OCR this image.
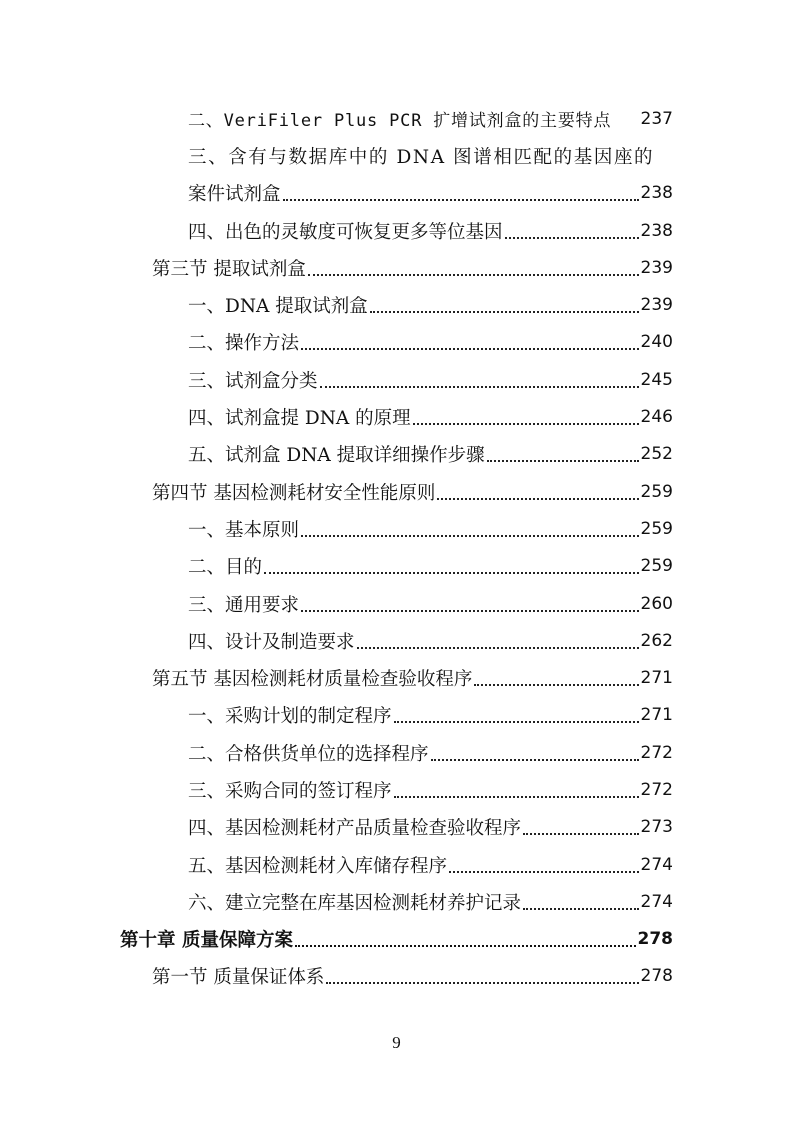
二、VeriFiler Plus PCR 扩增试剂盒的主要特点 237
三、含有与数据库中的 DNA 图谱相匹配的基因座的
案件试剂盒	238
四、出色的灵敏度可恢复更多等位基因	238
第三节 提取试剂盒	239
一、DNA 提取试剂盒	239
二、操作方法	240
三、试剂盒分类	245
四、试剂盒提 DNA 的原理	246
五、试剂盒 DNA 提取详细操作步骤	252
第四节 基因检测耗材安全性能原则	259
一、基本原则	259
二、目的	259
三、通用要求	260
四、设计及制造要求	262
第五节 基因检测耗材质量检查验收程序	271
一、采购计划的制定程序	271
二、合格供货单位的选择程序	272
三、采购合同的签订程序	272
四、基因检测耗材产品质量检查验收程序	273
五、基因检测耗材入库储存程序	274
六、建立完整在库基因检测耗材养护记录	274
第十章 质量保障方案	278
第一节 质量保证体系	278
9
